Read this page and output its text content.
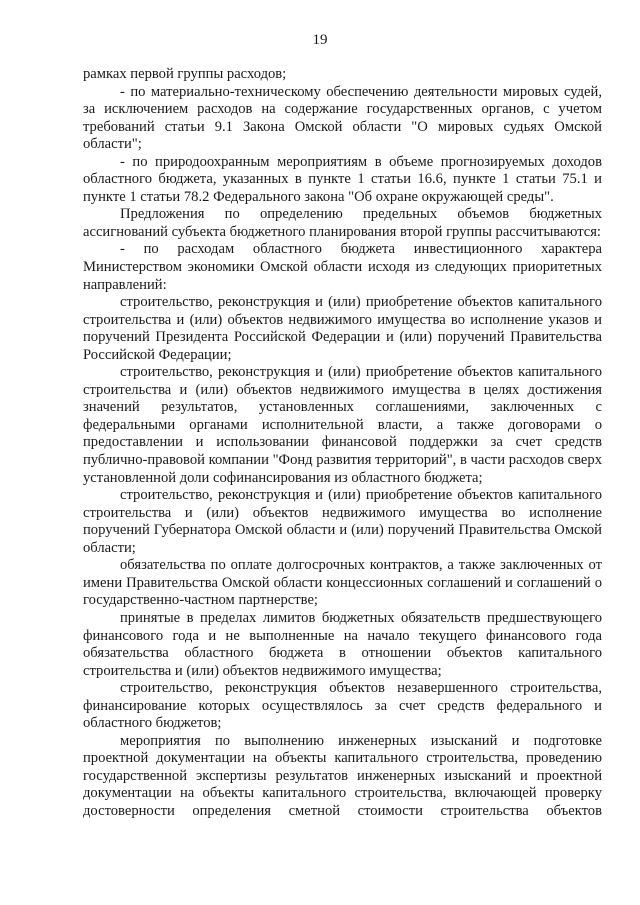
19

рамках первой группы расходов;

- по материально-техническому обеспечению деятельности мировых судей, за исключением расходов на содержание государственных органов, с учетом требований статьи 9.1 Закона Омской области "О мировых судьях Омской области";

- по природоохранным мероприятиям в объеме прогнозируемых доходов областного бюджета, указанных в пункте 1 статьи 16.6, пункте 1 статьи 75.1 и пункте 1 статьи 78.2 Федерального закона "Об охране окружающей среды".

Предложения по определению предельных объемов бюджетных ассигнований субъекта бюджетного планирования второй группы рассчитываются:

- по расходам областного бюджета инвестиционного характера Министерством экономики Омской области исходя из следующих приоритетных направлений:

строительство, реконструкция и (или) приобретение объектов капитального строительства и (или) объектов недвижимого имущества во исполнение указов и поручений Президента Российской Федерации и (или) поручений Правительства Российской Федерации;

строительство, реконструкция и (или) приобретение объектов капитального строительства и (или) объектов недвижимого имущества в целях достижения значений результатов, установленных соглашениями, заключенных с федеральными органами исполнительной власти, а также договорами о предоставлении и использовании финансовой поддержки за счет средств публично-правовой компании "Фонд развития территорий", в части расходов сверх установленной доли софинансирования из областного бюджета;

строительство, реконструкция и (или) приобретение объектов капитального строительства и (или) объектов недвижимого имущества во исполнение поручений Губернатора Омской области и (или) поручений Правительства Омской области;

обязательства по оплате долгосрочных контрактов, а также заключенных от имени Правительства Омской области концессионных соглашений и соглашений о государственно-частном партнерстве;

принятые в пределах лимитов бюджетных обязательств предшествующего финансового года и не выполненные на начало текущего финансового года обязательства областного бюджета в отношении объектов капитального строительства и (или) объектов недвижимого имущества;

строительство, реконструкция объектов незавершенного строительства, финансирование которых осуществлялось за счет средств федерального и областного бюджетов;

мероприятия по выполнению инженерных изысканий и подготовке проектной документации на объекты капитального строительства, проведению государственной экспертизы результатов инженерных изысканий и проектной документации на объекты капитального строительства, включающей проверку достоверности определения сметной стоимости строительства объектов
